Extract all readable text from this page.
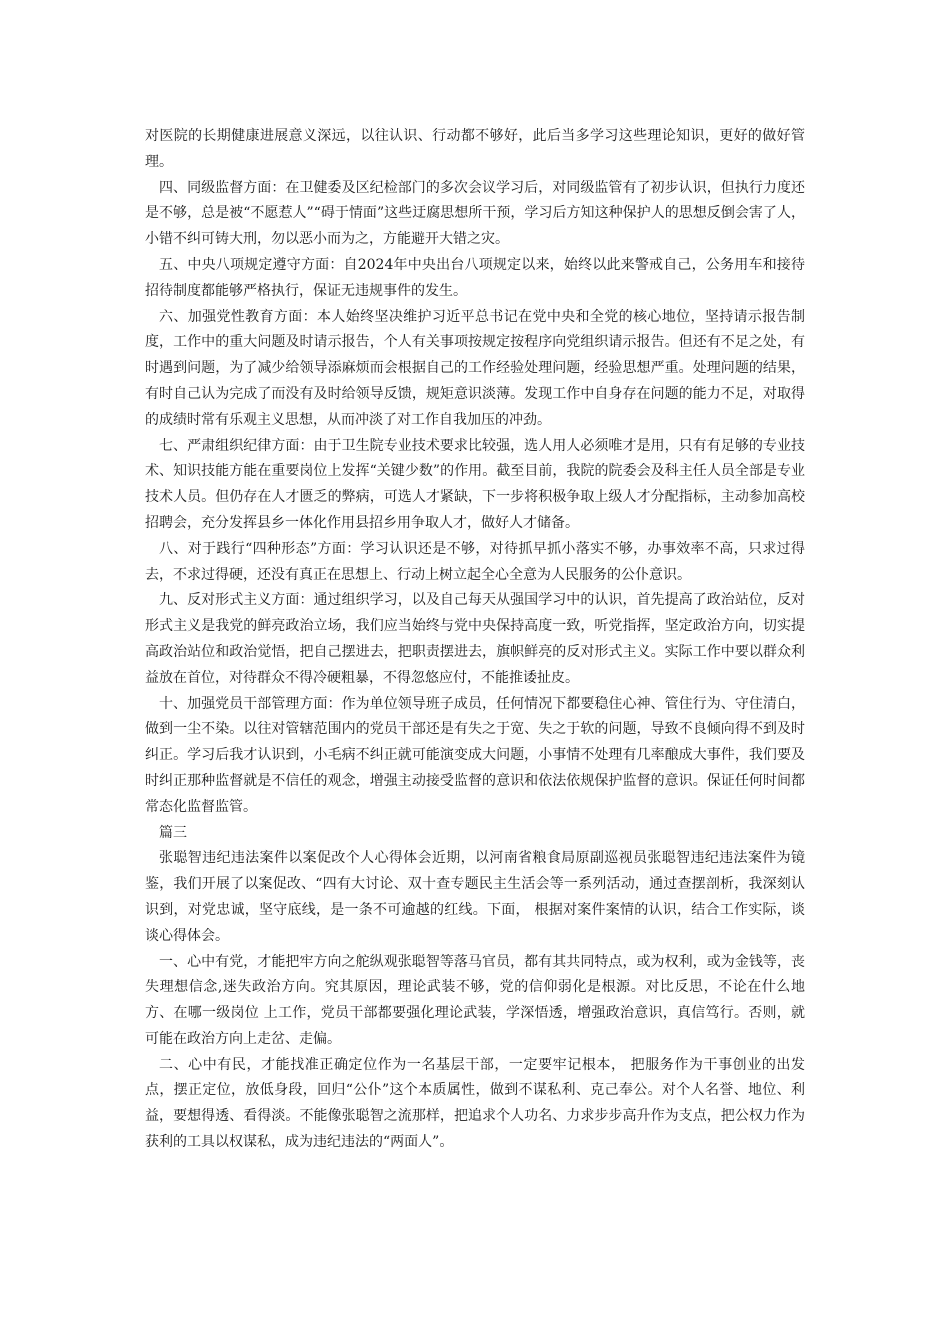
对医院的长期健康进展意义深远，以往认识、行动都不够好，此后当多学习这些理论知识，更好的做好管理。

四、同级监督方面：在卫健委及区纪检部门的多次会议学习后，对同级监管有了初步认识，但执行力度还是不够，总是被“不愿惹人”“碍于情面”这些迂腐思想所干预，学习后方知这种保护人的思想反倒会害了人，小错不纠可铸大刑，勿以恶小而为之，方能避开大错之灾。

五、中央八项规定遵守方面：自2024年中央出台八项规定以来，始终以此来警戒自己，公务用车和接待招待制度都能够严格执行，保证无违规事件的发生。

六、加强党性教育方面：本人始终坚决维护习近平总书记在党中央和全党的核心地位，坚持请示报告制度，工作中的重大问题及时请示报告，个人有关事项按规定按程序向党组织请示报告。但还有不足之处，有时遇到问题，为了减少给领导添麻烦而会根据自己的工作经验处理问题，经验思想严重。处理问题的结果，有时自己认为完成了而没有及时给领导反馈，规矩意识淡薄。发现工作中自身存在问题的能力不足，对取得的成绩时常有乐观主义思想，从而冲淡了对工作自我加压的冲劲。

七、严肃组织纪律方面：由于卫生院专业技术要求比较强，选人用人必须唯才是用，只有有足够的专业技术、知识技能方能在重要岗位上发挥“关键少数”的作用。截至目前，我院的院委会及科主任人员全部是专业技术人员。但仍存在人才匮乏的弊病，可选人才紧缺，下一步将积极争取上级人才分配指标，主动参加高校招聘会，充分发挥县乡一体化作用县招乡用争取人才，做好人才储备。

八、对于践行“四种形态”方面：学习认识还是不够，对待抓早抓小落实不够，办事效率不高，只求过得去，不求过得硬，还没有真正在思想上、行动上树立起全心全意为人民服务的公仆意识。

九、反对形式主义方面：通过组织学习，以及自己每天从强国学习中的认识，首先提高了政治站位，反对形式主义是我党的鲜亮政治立场，我们应当始终与党中央保持高度一致，听党指挥，坚定政治方向，切实提高政治站位和政治觉悟，把自己摆进去，把职责摆进去，旗帜鲜亮的反对形式主义。实际工作中要以群众利益放在首位，对待群众不得冷硬粗暴，不得忽悠应付，不能推诿扯皮。

十、加强党员干部管理方面：作为单位领导班子成员，任何情况下都要稳住心神、管住行为、守住清白，做到一尘不染。以往对管辖范围内的党员干部还是有失之于宽、失之于软的问题，导致不良倾向得不到及时纠正。学习后我才认识到，小毛病不纠正就可能演变成大问题，小事情不处理有几率酿成大事件，我们要及时纠正那种监督就是不信任的观念，增强主动接受监督的意识和依法依规保护监督的意识。保证任何时间都常态化监督监管。

篇三

张聪智违纪违法案件以案促改个人心得体会近期，以河南省粮食局原副巡视员张聪智违纪违法案件为镜鉴，我们开展了以案促改、“四有大讨论、双十查专题民主生活会等一系列活动，通过查摆剖析，我深刻认识到，对党忠诚，坚守底线，是一条不可逾越的红线。下面， 根据对案件案情的认识，结合工作实际，谈谈心得体会。

一、心中有党，才能把牢方向之舵纵观张聪智等落马官员，都有其共同特点，或为权利，或为金钱等，丧失理想信念,迷失政治方向。究其原因，理论武装不够，党的信仰弱化是根源。对比反思，不论在什么地方、在哪一级岗位 上工作，党员干部都要强化理论武装，学深悟透，增强政治意识，真信笃行。否则，就可能在政治方向上走岔、走偏。

二、心中有民，才能找准正确定位作为一名基层干部，一定要牢记根本， 把服务作为干事创业的出发点，摆正定位，放低身段，回归“公仆”这个本质属性，做到不谋私利、克己奉公。对个人名誉、地位、利益，要想得透、看得淡。不能像张聪智之流那样，把追求个人功名、力求步步高升作为支点，把公权力作为获利的工具以权谋私，成为违纪违法的“两面人”。
